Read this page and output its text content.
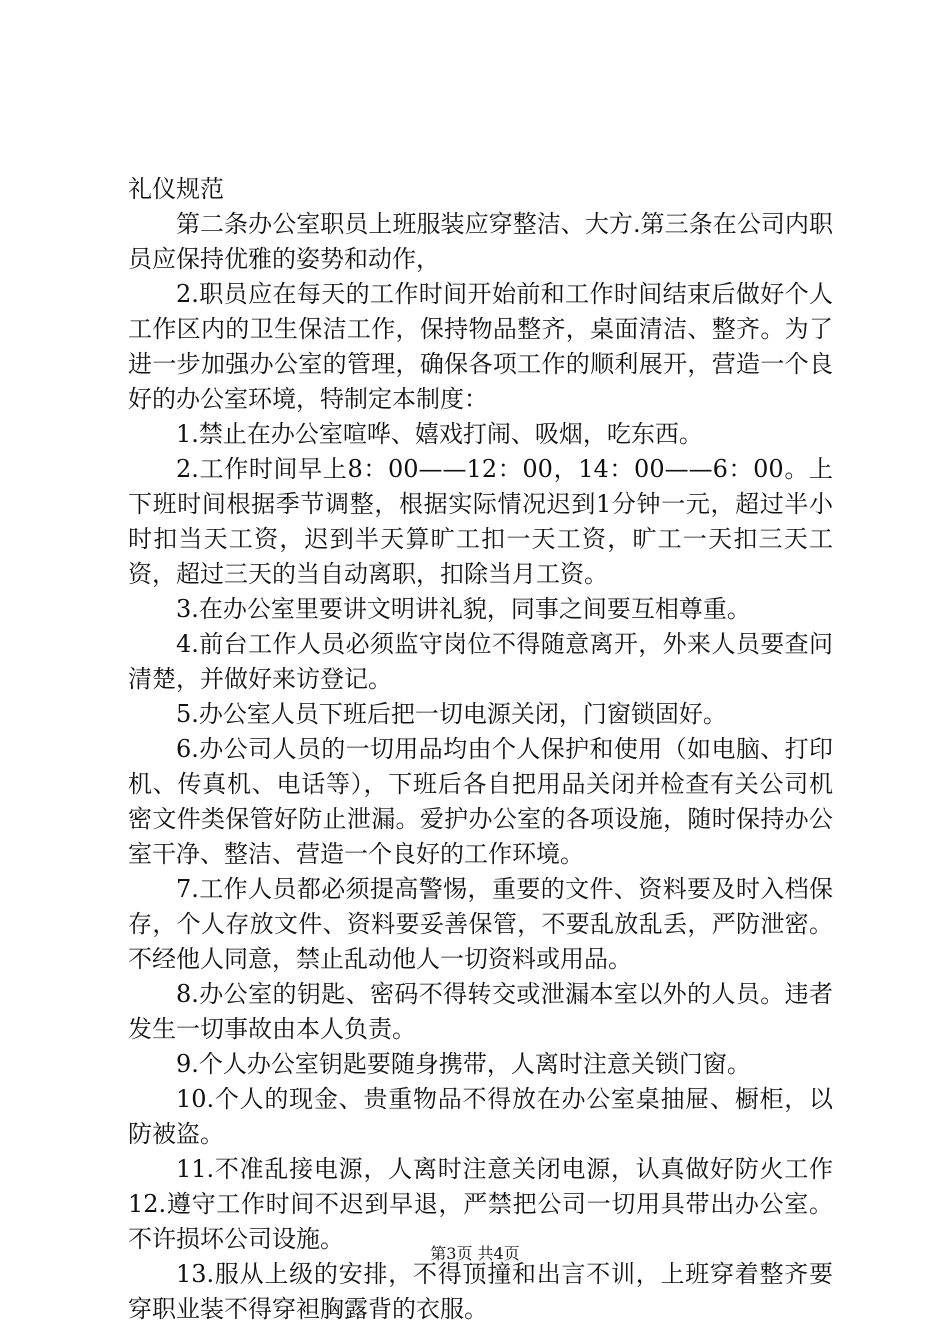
礼仪规范

第二条办公室职员上班服装应穿整洁、大方.第三条在公司内职员应保持优雅的姿势和动作，

2.职员应在每天的工作时间开始前和工作时间结束后做好个人工作区内的卫生保洁工作，保持物品整齐，桌面清洁、整齐。为了进一步加强办公室的管理，确保各项工作的顺利展开，营造一个良好的办公室环境，特制定本制度：

1.禁止在办公室喧哗、嬉戏打闹、吸烟，吃东西。

2.工作时间早上8：00——12：00，14：00——6：00。上下班时间根据季节调整，根据实际情况迟到1分钟一元，超过半小时扣当天工资，迟到半天算旷工扣一天工资，旷工一天扣三天工资，超过三天的当自动离职，扣除当月工资。

3.在办公室里要讲文明讲礼貌，同事之间要互相尊重。

4.前台工作人员必须监守岗位不得随意离开，外来人员要查问清楚，并做好来访登记。

5.办公室人员下班后把一切电源关闭，门窗锁固好。

6.办公司人员的一切用品均由个人保护和使用（如电脑、打印机、传真机、电话等），下班后各自把用品关闭并检查有关公司机密文件类保管好防止泄漏。爱护办公室的各项设施，随时保持办公室干净、整洁、营造一个良好的工作环境。

7.工作人员都必须提高警惕，重要的文件、资料要及时入档保存，个人存放文件、资料要妥善保管，不要乱放乱丢，严防泄密。不经他人同意，禁止乱动他人一切资料或用品。

8.办公室的钥匙、密码不得转交或泄漏本室以外的人员。违者发生一切事故由本人负责。

9.个人办公室钥匙要随身携带，人离时注意关锁门窗。

10.个人的现金、贵重物品不得放在办公室桌抽屉、橱柜，以防被盗。

11.不准乱接电源，人离时注意关闭电源，认真做好防火工作12.遵守工作时间不迟到早退，严禁把公司一切用具带出办公室。不许损坏公司设施。

13.服从上级的安排，不得顶撞和出言不训，上班穿着整齐要穿职业装不得穿袒胸露背的衣服。

第3页 共4页
